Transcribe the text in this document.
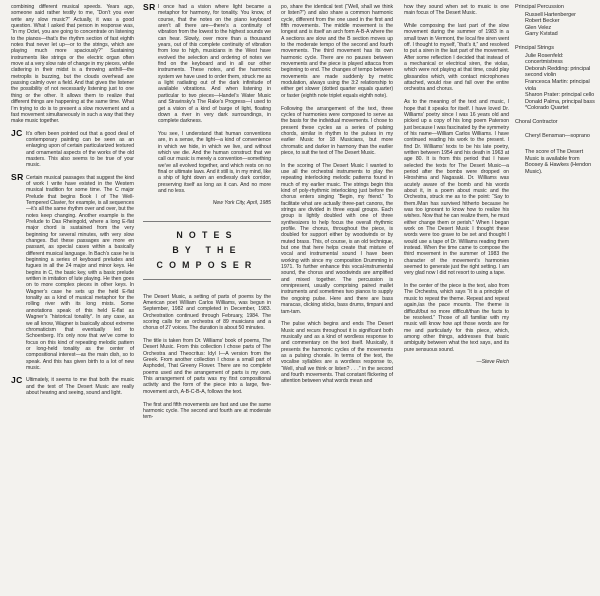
combining different musical speeds. Years ago, someone said rather testily to me, “Don’t you ever write any slow music?” Actually, it was a good question. What I asked that person in response was, “In my Octet, you are going to concentrate on listening to the pianos—that’s the rhythm section of fast eighth notes that never let up—or to the strings, which are playing much more spaciously?” Sustaining instruments like strings or the electric organ often move at a very slow rate of change in my pieces, while clattering in their midst is a throwing anthill—the metroplis is buzzing, but the clouds overhead are passing calmly over a field. And that gives the listener the possibility of not necessarily listening just to one thing or the other. It allows them to realize that different things are happening at the same time. What I’m trying to do is to present a slow movement and a fast movement simultaneously in such a way that they make music together.

JC It’s often been pointed out that a good deal of contemporary painting can be seen as an enlarging upon of certain particularized textured and ornamental aspects of the works of the old masters. This also seems to be true of your music.

SR Certain musical passages that suggest the kind of work I write have existed in the Western musical tradition for some time. The C major Prelude that begins Book I of The Well-Tempered Clavier, for example, is all sequences—it’s all the same rhythm over and over, but the notes keep changing. Another example is the Prelude to Das Rheingold, where a long E-flat major chord is sustained from the very beginning for several minutes, with very slow changes. But these passages are more en passant, as special cases within a basically different musical language. In Bach’s case he is beginning a series of keyboard preludes and fugues in all the 24 major and minor keys. He begins in C, the basic key, with a basic prelude written in imitation of lute playing. He then goes on to more complex pieces in other keys. In Wagner’s case he sets up the held E-flat tonality as a kind of musical metaphor for the rolling river with its long mists. Some annotations speak of this held E-flat as Wagner’s “historical tonality”. In any case, as we all know, Wagner is basically about extreme chromaticism that eventually led to Schoenberg. It’s only now that we’ve come to focus on this kind of repeating melodic pattern or long-held tonality as the center of compositional interest—as the main dish, so to speak. And this has given birth to a lot of new music.

JC Ultimately, it seems to me that both the music and the text of The Desert Music are really about hearing and seeing, sound and light.

SR I once had a vision where light became a metaphor for harmony, for tonality. You know, of course, that the notes on the piano keyboard aren’t all there are—there’s a continuity of vibration from the lowest to the highest sounds we can hear. Slowly, over more than a thousand years, out of this complete continuity of vibration from low to high, musicians in the West have evolved the selection and ordering of notes we find on the keyboard and in all our other instruments. These notes, and the harmonic system we have used to order them, struck me as a light radiating out of the dark infinitude of available vibrations. And when listening in particular to two pieces—Handel’s Water Music and Stravinsky’s The Rake’s Progress—I used to get a vision of a kind of barge of light, floating down a river in very dark surroundings, in complete darkness.

You see, I understand that human conventions are, in a sense, the light—a kind of convenience in which we hide, in which we live, and without which we die. And the human construct that we call our music is merely a convention—something we’ve all evolved together, and which rests on no final or ultimate laws. And it still is, in my mind, like a ship of light down an endlessly dark corridor, preserving itself as long as it can. And no more and no less.

New York City, April, 1985
NOTES
BY THE
COMPOSER

The Desert Music, a setting of parts of poems by the American poet William Carlos Williams, was begun in September, 1982 and completed in December, 1983. Orchestration continued through February, 1984. The scoring calls for an orchestra of 89 musicians and a chorus of 27 voices. The duration is about 50 minutes.

The title is taken from Dr. Williams’ book of poems, The Desert Music. From this collection I chose parts of The Orchestra and Theocritus: Idyl I—A version from the Greek. From another collection I chose a small part of Asphodel, That Greeny Flower. There are no complete poems used and the arrangement of parts is my own. This arrangement of parts was my first compositional activity and the form of the piece into a large, five-movement arch, A-B-C-B-A, follows the text.

The first and fifth movements are fast and use the same harmonic cycle. The second and fourth are at moderate tem-

po, share the identical text (“Well, shall we think or listen?”) and also share a common harmonic cycle, different from the one used in the first and fifth movements. The middle movement is the longest and is itself an arch form A-B-A where the A sections are slow and the B section moves up to the moderate tempo of the second and fourth movements. The third movement has its own harmonic cycle. There are no pauses between movements and the piece is played attacca from beginning to end. The changes of tempo between movements are made suddenly by metric modulation, always using the 3:2 relationship to either get slower (dotted quarter equals quarter) or faster (eighth note triplet equals eighth note).

Following the arrangement of the text, three cycles of harmonies were composed to serve as the basis for the individual movements. I chose to present these cycles as a series of pulsing chords, similar in rhythm to the pulses in my earlier Music for 18 Musicians, but more chromatic and darker in harmony than the earlier piece, to suit the text of The Desert Music.

In the scoring of The Desert Music I wanted to use all the orchestral instruments to play the repeating interlocking melodic patterns found in much of my earlier music. The strings begin this kind of poly-rhythmic interlocking just before the chorus enters singing “Begin, my friend.” To facilitate what are actually three-part canons, the strings are divided in three equal groups. Each group is lightly doubled with one of three synthesizers to help focus the overall rhythmic profile. The chorus, throughout the piece, is doubled for support either by woodwinds or by muted brass. This, of course, is an old technique, but one that here helps create that mixture of vocal and instrumental sound I have been working with since my composition Drumming in 1971. To further enhance this vocal-instrumental sound, the chorus and woodwinds are amplified and mixed together. The percussion is omnipresent, usually comprising paired mallet instruments and sometimes two pianos to supply the ongoing pulse. Here and there are bass maracas, clicking sticks, bass drums, timpani and tam-tam.

The pulse which begins and ends The Desert Music and recurs throughout it is significant both musically and as a kind of wordless response to and commentary on the text itself. Musically, it presents the harmonic cycles of the movements as a pulsing chorale. In terms of the text, the vocalise syllables are a wordless response to, “Well, shall we think or listen? . . .” in the second and fourth movements. That constant flickering of attention between what words mean and

how they sound when set to music is one main focus of The Desert Music.

While composing the last part of the slow movement during the summer of 1983 in a small town in Vermont, the local fire siren went off. I thought to myself, “that’s it,” and resolved to put a siren in the last part of the movement. After some reflection I decided that instead of a mechanical or electrical siren, the violas, which were not playing at that time, could play glissandos which, with contact microphones attached, would rise and fall over the entire orchestra and chorus.

As to the meaning of the text and music, I hope that it speaks for itself. I have loved Dr. Williams’ poetry since I was 16 years old and picked up a copy of his long poem Paterson just because I was fascinated by the symmetry of his name—William Carlos Williams. I have continued reading his work to the present. I find Dr. Williams’ texts to be his late poetry, written between 1954 and his death in 1963 at age 80. It is from this period that I have selected the texts for The Desert Music—a period after the bombs were dropped on Hiroshima and Nagasaki. Dr. Williams was acutely aware of the bomb and his words about it, in a poem about music and the Orchestra, struck me as to the point: “Say to them./Man has survived hitherto because he was too ignorant to know how to realize his wishes. Now that he can realize them, he must either change them or perish.” When I began work on The Desert Music I thought these words were too grave to be set and thought I would use a tape of Dr. Williams reading them instead. When the time came to compose the third movement in the summer of 1983 the character of the movement’s harmonies seemed to generate just the right setting. I am very glad now I did not resort to using a tape.

In the center of the piece is the text, also from The Orchestra, which says “It is a principle of music to repeat the theme. Repeat and repeat again,/as the pace mounts. The theme is difficult/but no more difficult/than the facts to be resolved.” Those of all familiar with my music will know how apt those words are for me and particularly for this piece, which, among other things, addresses that basic ambiguity between what the text says, and its pure sensuous sound.

—Steve Reich
Principal Percussion
Russell Hartenberger
Robert Becker
Glen Velez
Garry Kvistad
Principal Strings
Julie Rosenfeld: concertmistress
Deborah Redding: principal second violin
Francesca Martin: principal viola
Sharon Prater: principal cello
Donald Palma, principal bass
*Colorado Quartet
Choral Contractor
Cheryl Bensman—soprano
The score of The Desert Music is available from Boosey & Hawkes (Hendon Music).
